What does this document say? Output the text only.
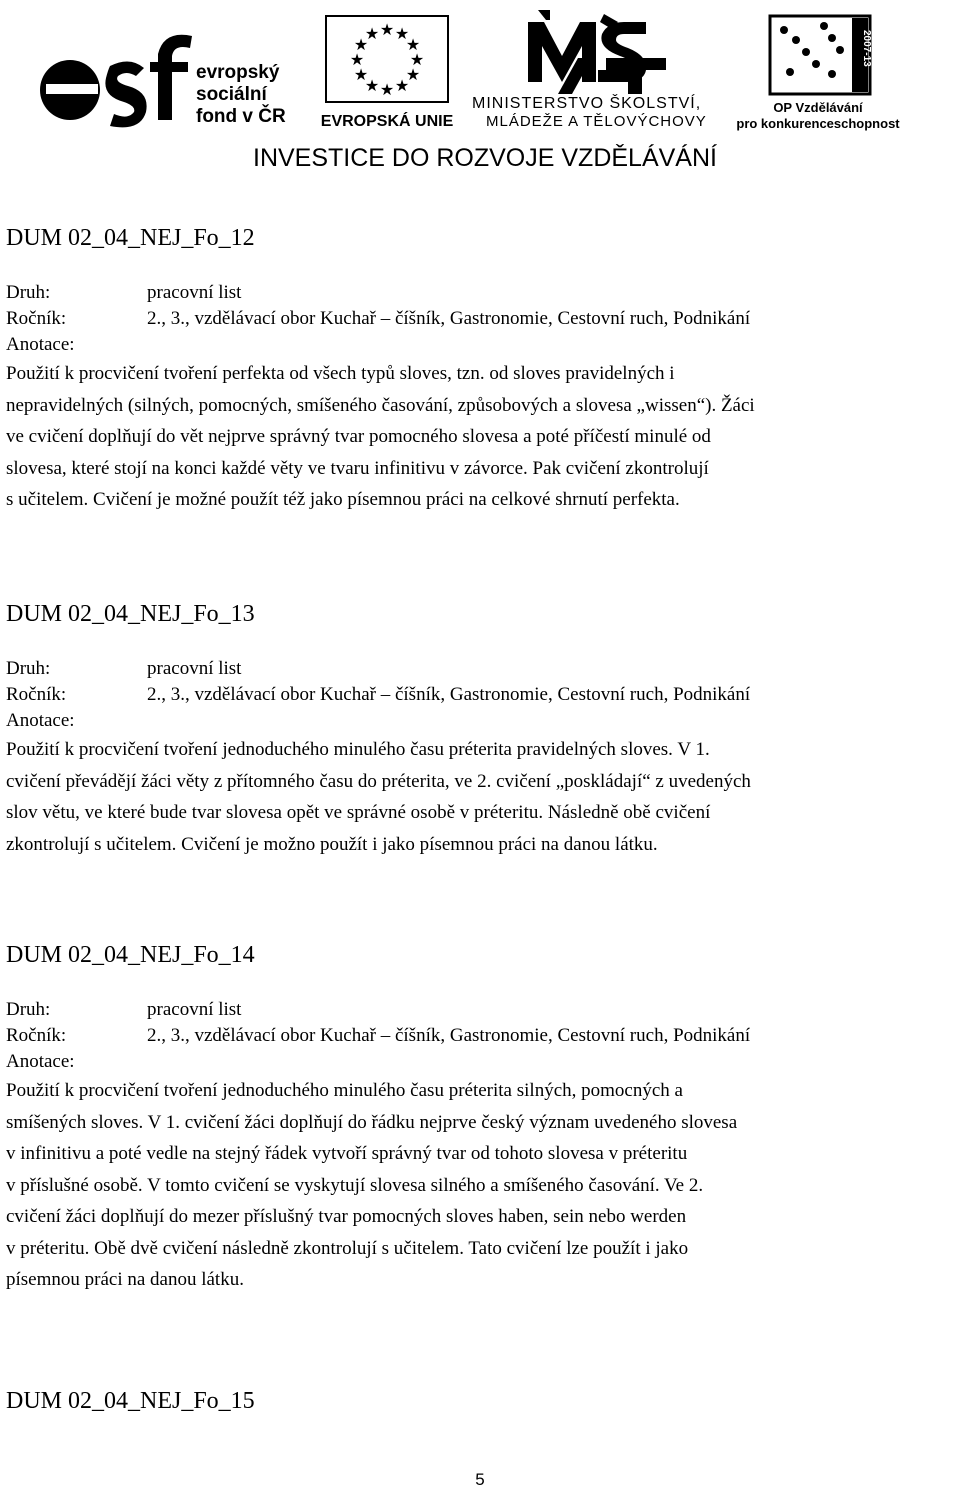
evropský
sociální
fond v ČR
★ ★
★
★
★
★
★
★
★
★
★
★
EVROPSKÁ UNIE
MINISTERSTVO ŠKOLSTVÍ,
MLÁDEŽE A TĚLOVÝCHOVY
2007-13
OP Vzdělávání
pro konkurenceschopnost
INVESTICE DO ROZVOJE VZDĚLÁVÁNÍ
DUM 02_04_NEJ_Fo_12
Druh:	pracovní list
Ročník:	2., 3., vzdělávací obor Kuchař – číšník, Gastronomie, Cestovní ruch, Podnikání
Anotace:
Použití k procvičení tvoření perfekta od všech typů sloves, tzn. od sloves pravidelných i
nepravidelných (silných, pomocných, smíšeného časování, způsobových a slovesa „wissen“). Žáci
ve cvičení doplňují do vět nejprve správný tvar pomocného slovesa a poté příčestí minulé od
slovesa, které stojí na konci každé věty ve tvaru infinitivu v závorce. Pak cvičení zkontrolují
s učitelem. Cvičení je možné použít též jako písemnou práci na celkové shrnutí perfekta.
DUM 02_04_NEJ_Fo_13
Druh:	pracovní list
Ročník:	2., 3., vzdělávací obor Kuchař – číšník, Gastronomie, Cestovní ruch, Podnikání
Anotace:
Použití k procvičení tvoření jednoduchého minulého času préterita pravidelných sloves. V 1.
cvičení převádějí žáci věty z přítomného času do préterita, ve 2. cvičení „poskládají“ z uvedených
slov větu, ve které bude tvar slovesa opět ve správné osobě v préteritu. Následně obě cvičení
zkontrolují s učitelem. Cvičení je možno použít i jako písemnou práci na danou látku.
DUM 02_04_NEJ_Fo_14
Druh:	pracovní list
Ročník:	2., 3., vzdělávací obor Kuchař – číšník, Gastronomie, Cestovní ruch, Podnikání
Anotace:
Použití k procvičení tvoření jednoduchého minulého času préterita silných, pomocných a
smíšených sloves. V 1. cvičení žáci doplňují do řádku nejprve český význam uvedeného slovesa
v infinitivu a poté vedle na stejný řádek vytvoří správný tvar od tohoto slovesa v préteritu
v příslušné osobě. V tomto cvičení se vyskytují slovesa silného a smíšeného časování. Ve 2.
cvičení žáci doplňují do mezer příslušný tvar pomocných sloves haben, sein nebo werden
v préteritu. Obě dvě cvičení následně zkontrolují s učitelem. Tato cvičení lze použít i jako
písemnou práci na danou látku.
DUM 02_04_NEJ_Fo_15
5
